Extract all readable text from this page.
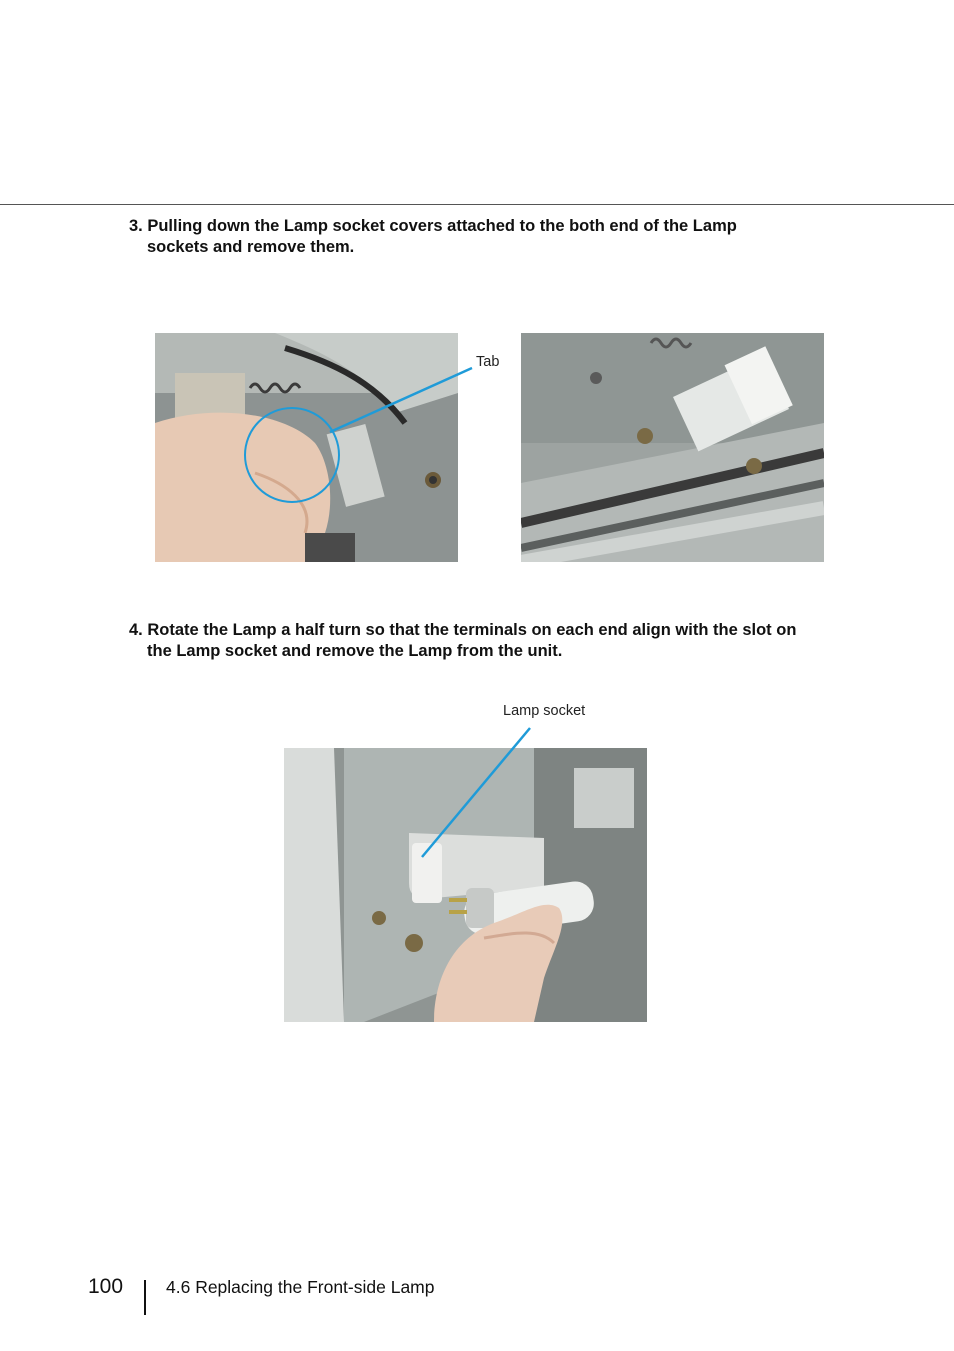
3. Pulling down the Lamp socket covers attached to the both end of the Lamp
sockets and remove them.
Tab
4. Rotate the Lamp a half turn so that the terminals on each end align with the slot on
the Lamp socket and remove the Lamp from the unit.
Lamp socket
100 4.6 Replacing the Front-side Lamp
